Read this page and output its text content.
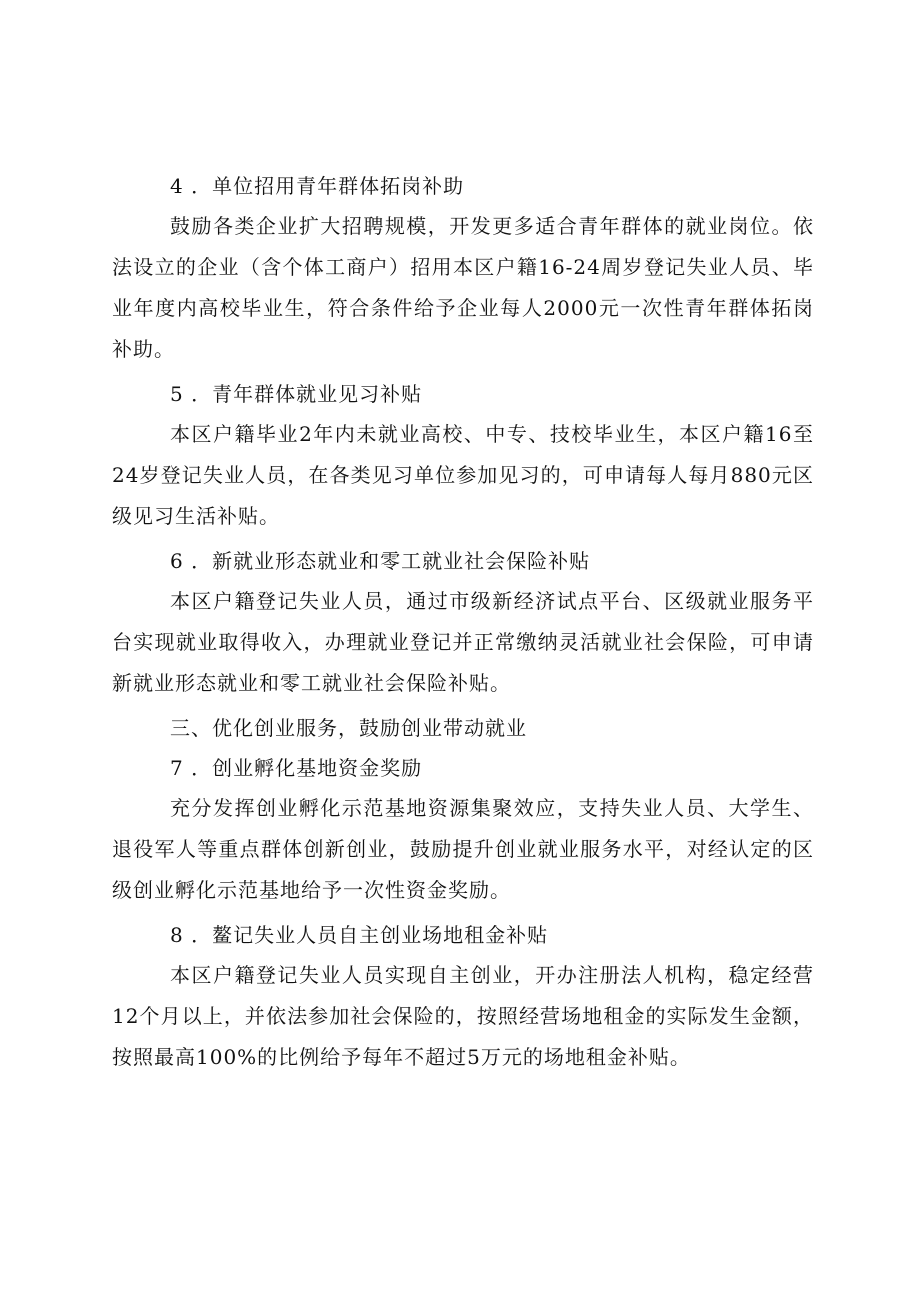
4 ．单位招用青年群体拓岗补助

鼓励各类企业扩大招聘规模，开发更多适合青年群体的就业岗位。依法设立的企业（含个体工商户）招用本区户籍16-24周岁登记失业人员、毕业年度内高校毕业生，符合条件给予企业每人2000元一次性青年群体拓岗补助。

5 ．青年群体就业见习补贴

本区户籍毕业2年内未就业高校、中专、技校毕业生，本区户籍16至24岁登记失业人员，在各类见习单位参加见习的，可申请每人每月880元区级见习生活补贴。

6 ．新就业形态就业和零工就业社会保险补贴

本区户籍登记失业人员，通过市级新经济试点平台、区级就业服务平台实现就业取得收入，办理就业登记并正常缴纳灵活就业社会保险，可申请新就业形态就业和零工就业社会保险补贴。

三、优化创业服务，鼓励创业带动就业

7 ．创业孵化基地资金奖励

充分发挥创业孵化示范基地资源集聚效应，支持失业人员、大学生、退役军人等重点群体创新创业，鼓励提升创业就业服务水平，对经认定的区级创业孵化示范基地给予一次性资金奖励。

8 ．鳌记失业人员自主创业场地租金补贴

本区户籍登记失业人员实现自主创业，开办注册法人机构，稳定经营12个月以上，并依法参加社会保险的，按照经营场地租金的实际发生金额，按照最高100%的比例给予每年不超过5万元的场地租金补贴。
